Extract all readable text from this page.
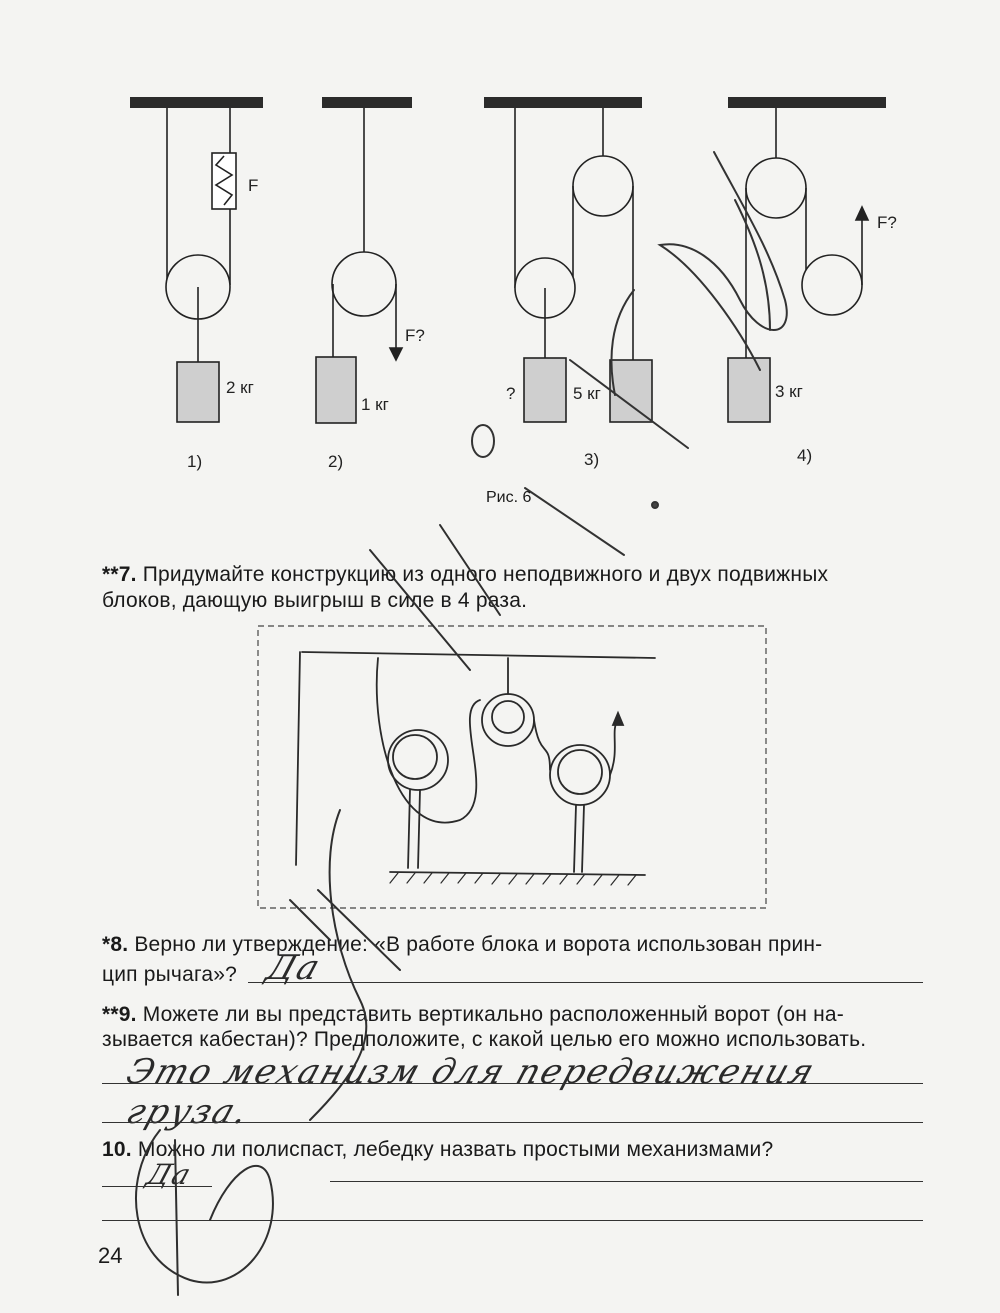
F
2 кг
1)
F?
1 кг
2)
?	5 кг
3)
F?
3 кг
4)
Рис. 6
**7. Придумайте конструкцию из одного неподвижного и двух подвижных
блоков, дающую выигрыш в силе в 4 раза.
*8. Верно ли утверждение: «В работе блока и ворота использован прин-
цип рычага»? Да
**9. Можете ли вы представить вертикально расположенный ворот (он на-
зывается кабестан)? Предположите, с какой целью его можно использовать.
Это механизм для передвижения
груза.
10. Можно ли полиспаст, лебедку назвать простыми механизмами?
Да
24
